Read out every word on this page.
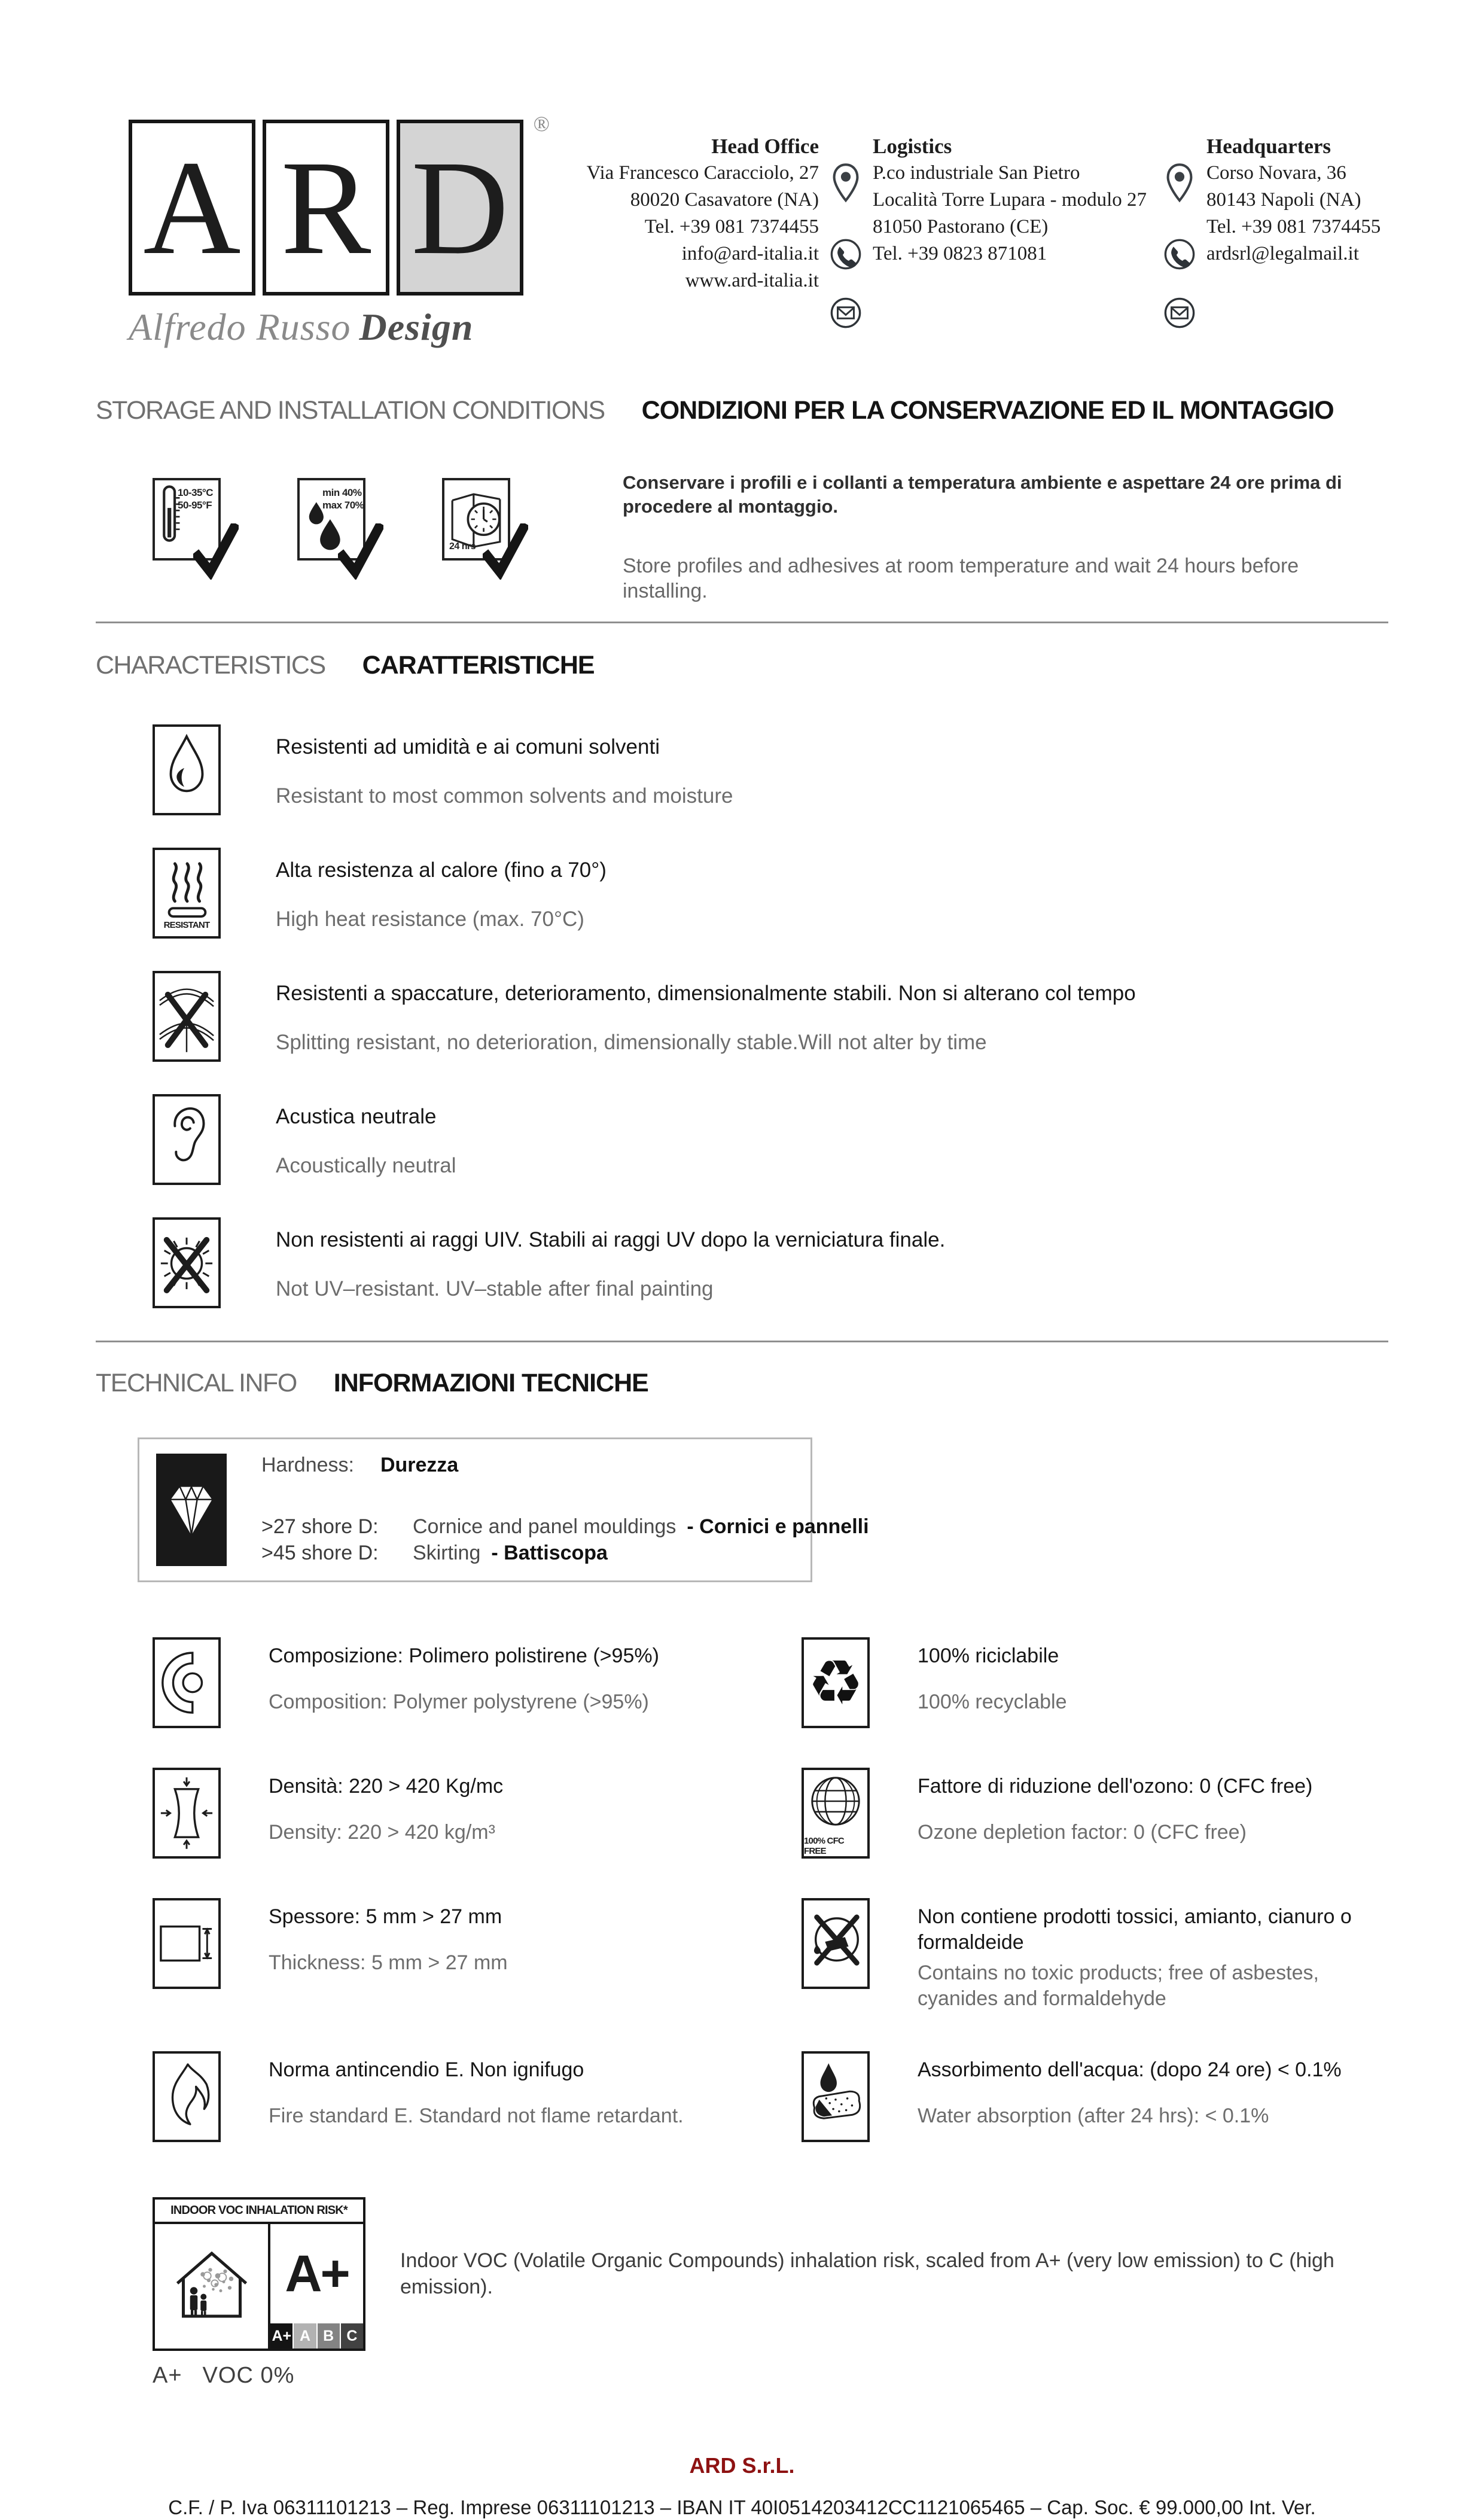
A R D
®
Alfredo Russo Design
Head Office
Via Francesco Caracciolo, 27
80020 Casavatore (NA)
Tel. +39 081 7374455
info@ard-italia.it
www.ard-italia.it
Logistics
P.co industriale San Pietro
Località Torre Lupara - modulo 27
81050 Pastorano (CE)
Tel. +39 0823 871081
Headquarters
Corso Novara, 36
80143 Napoli (NA)
Tel. +39 081 7374455
ardsrl@legalmail.it
STORAGE AND INSTALLATION CONDITIONS CONDIZIONI PER LA CONSERVAZIONE ED IL MONTAGGIO
10-35°C
50-95°F
min 40%
max 70%
24 hrs
Conservare i profili e i collanti a temperatura ambiente e aspettare 24 ore prima di procedere al montaggio.
Store profiles and adhesives at room temperature and wait 24 hours before installing.
CHARACTERISTICS CARATTERISTICHE
Resistenti ad umidità e ai comuni solventi
Resistant to most common solvents and moisture
RESISTANT
Alta resistenza al calore (fino a 70°)
High heat resistance (max. 70°C)
Resistenti a spaccature, deterioramento, dimensionalmente stabili. Non si alterano col tempo
Splitting resistant, no deterioration, dimensionally stable.Will not alter by time
Acustica neutrale
Acoustically neutral
Non resistenti ai raggi UIV. Stabili ai raggi UV dopo la verniciatura finale.
Not UV–resistant. UV–stable after final painting
TECHNICAL INFO INFORMAZIONI TECNICHE
Hardness: Durezza
>27 shore D:	Cornice and panel mouldings - Cornici e pannelli
>45 shore D:	Skirting - Battiscopa
Composizione: Polimero polistirene (>95%)
Composition: Polymer polystyrene (>95%)	♻	100% riciclabile
100% recyclable
Densità: 220 > 420 Kg/mc
Density: 220 > 420 kg/m³	100% CFC FREE
Fattore di riduzione dell'ozono: 0 (CFC free)
Ozone depletion factor: 0 (CFC free)
Spessore: 5 mm > 27 mm
Thickness: 5 mm > 27 mm
Non contiene prodotti tossici, amianto, cianuro o formaldeide
Contains no toxic products; free of asbestes, cyanides and formaldehyde
Norma antincendio E. Non ignifugo
Fire standard E. Standard not flame retardant.
Assorbimento dell'acqua: (dopo 24 ore) < 0.1%
Water absorption (after 24 hrs): < 0.1%
INDOOR VOC INHALATION RISK*
A+
A+ A B C
A+ VOC 0%
Indoor VOC (Volatile Organic Compounds) inhalation risk, scaled from A+ (very low emission) to C (high emission).
ARD S.r.L.
C.F. / P. Iva 06311101213 – Reg. Imprese 06311101213 – IBAN IT 40I0514203412CC1121065465 – Cap. Soc. € 99.000,00 Int. Ver.
